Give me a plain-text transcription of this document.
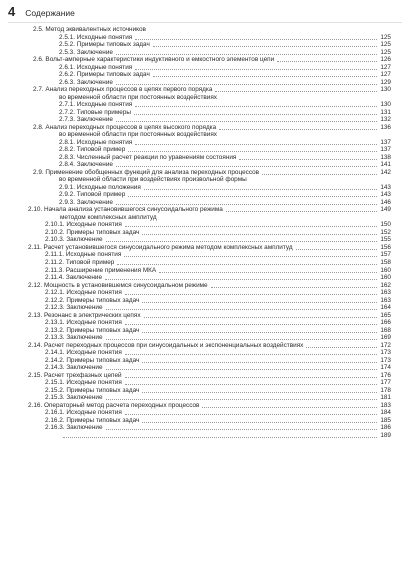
4 Содержание
2.5. Метод эквивалентных источников
2.5.1. Исходные понятия	125
2.5.2. Примеры типовых задач	125
2.5.3. Заключение	125
2.6. Вольт-амперные характеристики индуктивного и емкостного элементов цепи	126
2.6.1. Исходные понятия	127
2.6.2. Примеры типовых задач	127
2.6.3. Заключение	129
2.7. Анализ переходных процессов в цепях первого порядка	130
во временной области при постоянных воздействиях
2.7.1. Исходные понятия	130
2.7.2. Типовые примеры	131
2.7.3. Заключение	132
2.8. Анализ переходных процессов в цепях высокого порядка	136
во временной области при постоянных воздействиях
2.8.1. Исходные понятия	137
2.8.2. Типовой пример	137
2.8.3. Численный расчет реакции по уравнениям состояния	138
2.8.4. Заключение	141
2.9. Применение обобщенных функций для анализа переходных процессов	142
во временной области при воздействиях произвольной формы
2.9.1. Исходные положения	143
2.9.2. Типовой пример	143
2.9.3. Заключение	146
2.10. Начала анализа установившегося синусоидального режима	149
методом комплексных амплитуд
2.10.1. Исходные понятия	150
2.10.2. Примеры типовых задач	152
2.10.3. Заключение	155
2.11. Расчет установившегося синусоидального режима методом комплексных амплитуд	156
2.11.1. Исходные понятия	157
2.11.2. Типовой пример	158
2.11.3. Расширение применения МКА	160
2.11.4. Заключение	160
2.12. Мощность в установившемся синусоидальном режиме	162
2.12.1. Исходные понятия	163
2.12.2. Примеры типовых задач	163
2.12.3. Заключение	164
2.13. Резонанс в электрических цепях	165
2.13.1. Исходные понятия	166
2.13.2. Примеры типовых задач	168
2.13.3. Заключение	169
2.14. Расчет переходных процессов при синусоидальных и экспоненциальных воздействиях	172
2.14.1. Исходные понятия	173
2.14.2. Примеры типовых задач	173
2.14.3. Заключение	174
2.15. Расчет трехфазных цепей	176
2.15.1. Исходные понятия	177
2.15.2. Примеры типовых задач	178
2.15.3. Заключение	181
2.16. Операторный метод расчета переходных процессов	183
2.16.1. Исходные понятия	184
2.16.2. Примеры типовых задач	185
2.16.3. Заключение	186
189
